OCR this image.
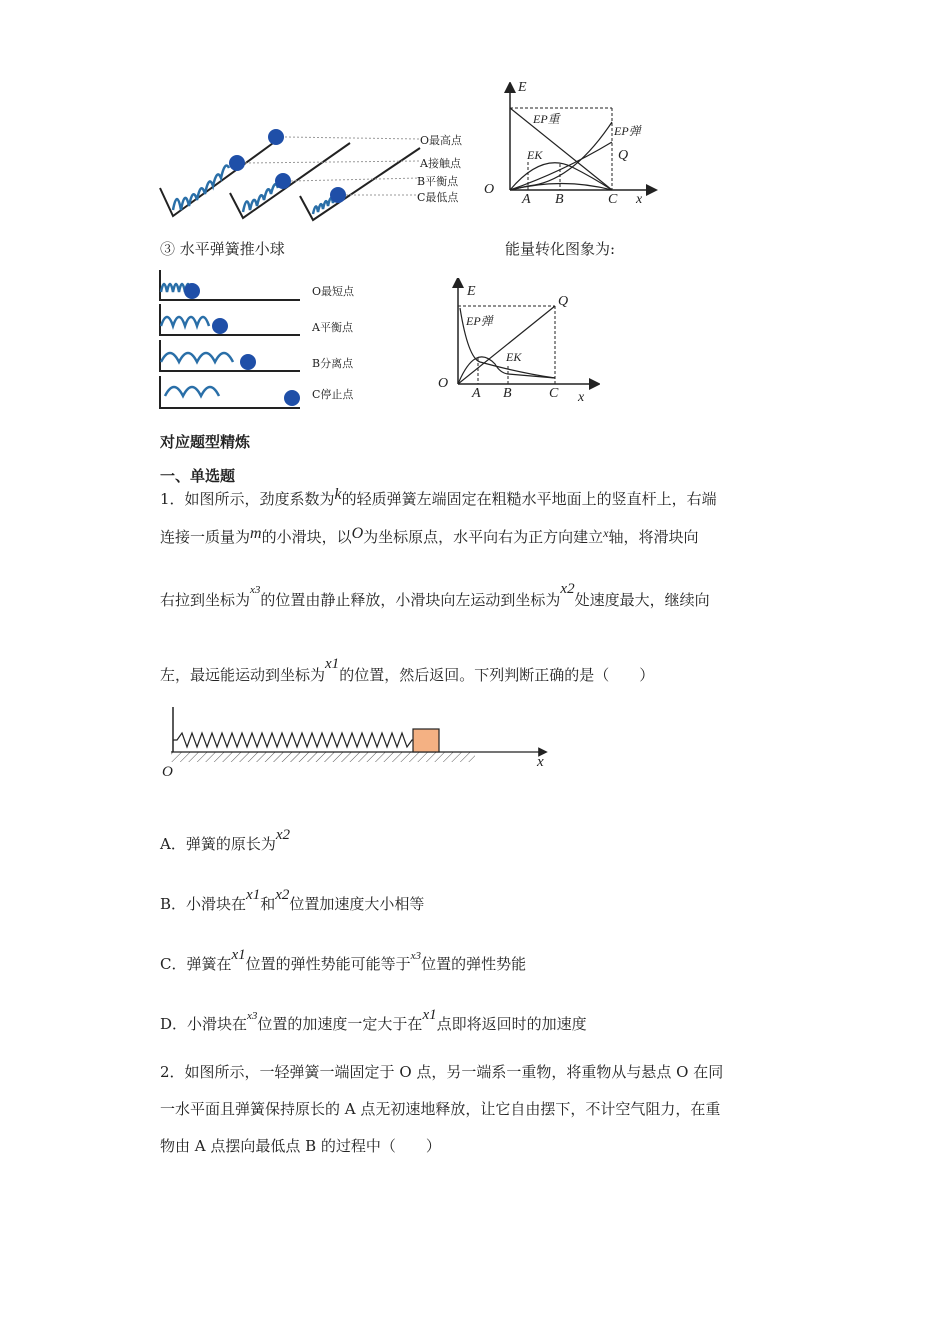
O最高点
A接触点
B平衡点
C最低点
E
O
x
EP重
EP弹
EK	Q
A B	C
③ 水平弹簧推小球	能量转化图象为:
O最短点
A平衡点
B分离点
C停止点
E
O
x
EP弹
EK
Q
A B	C
对应题型精炼
一、单选题
1．如图所示，劲度系数为k的轻质弹簧左端固定在粗糙水平地面上的竖直杆上，右端
连接一质量为m的小滑块，以O为坐标原点，水平向右为正方向建立$^x$轴，将滑块向
右拉到坐标为$^{x3}$的位置由静止释放，小滑块向左运动到坐标为x2处速度最大，继续向
左，最远能运动到坐标为x1的位置，然后返回。下列判断正确的是（　　）
O
x
A．弹簧的原长为x2
B．小滑块在x1和x2位置加速度大小相等
C．弹簧在x1位置的弹性势能可能等于$^{x3}$位置的弹性势能
D．小滑块在$^{x3}$位置的加速度一定大于在x1点即将返回时的加速度
2．如图所示，一轻弹簧一端固定于 O 点，另一端系一重物，将重物从与悬点 O 在同
一水平面且弹簧保持原长的 A 点无初速地释放，让它自由摆下，不计空气阻力，在重
物由 A 点摆向最低点 B 的过程中（　　）
